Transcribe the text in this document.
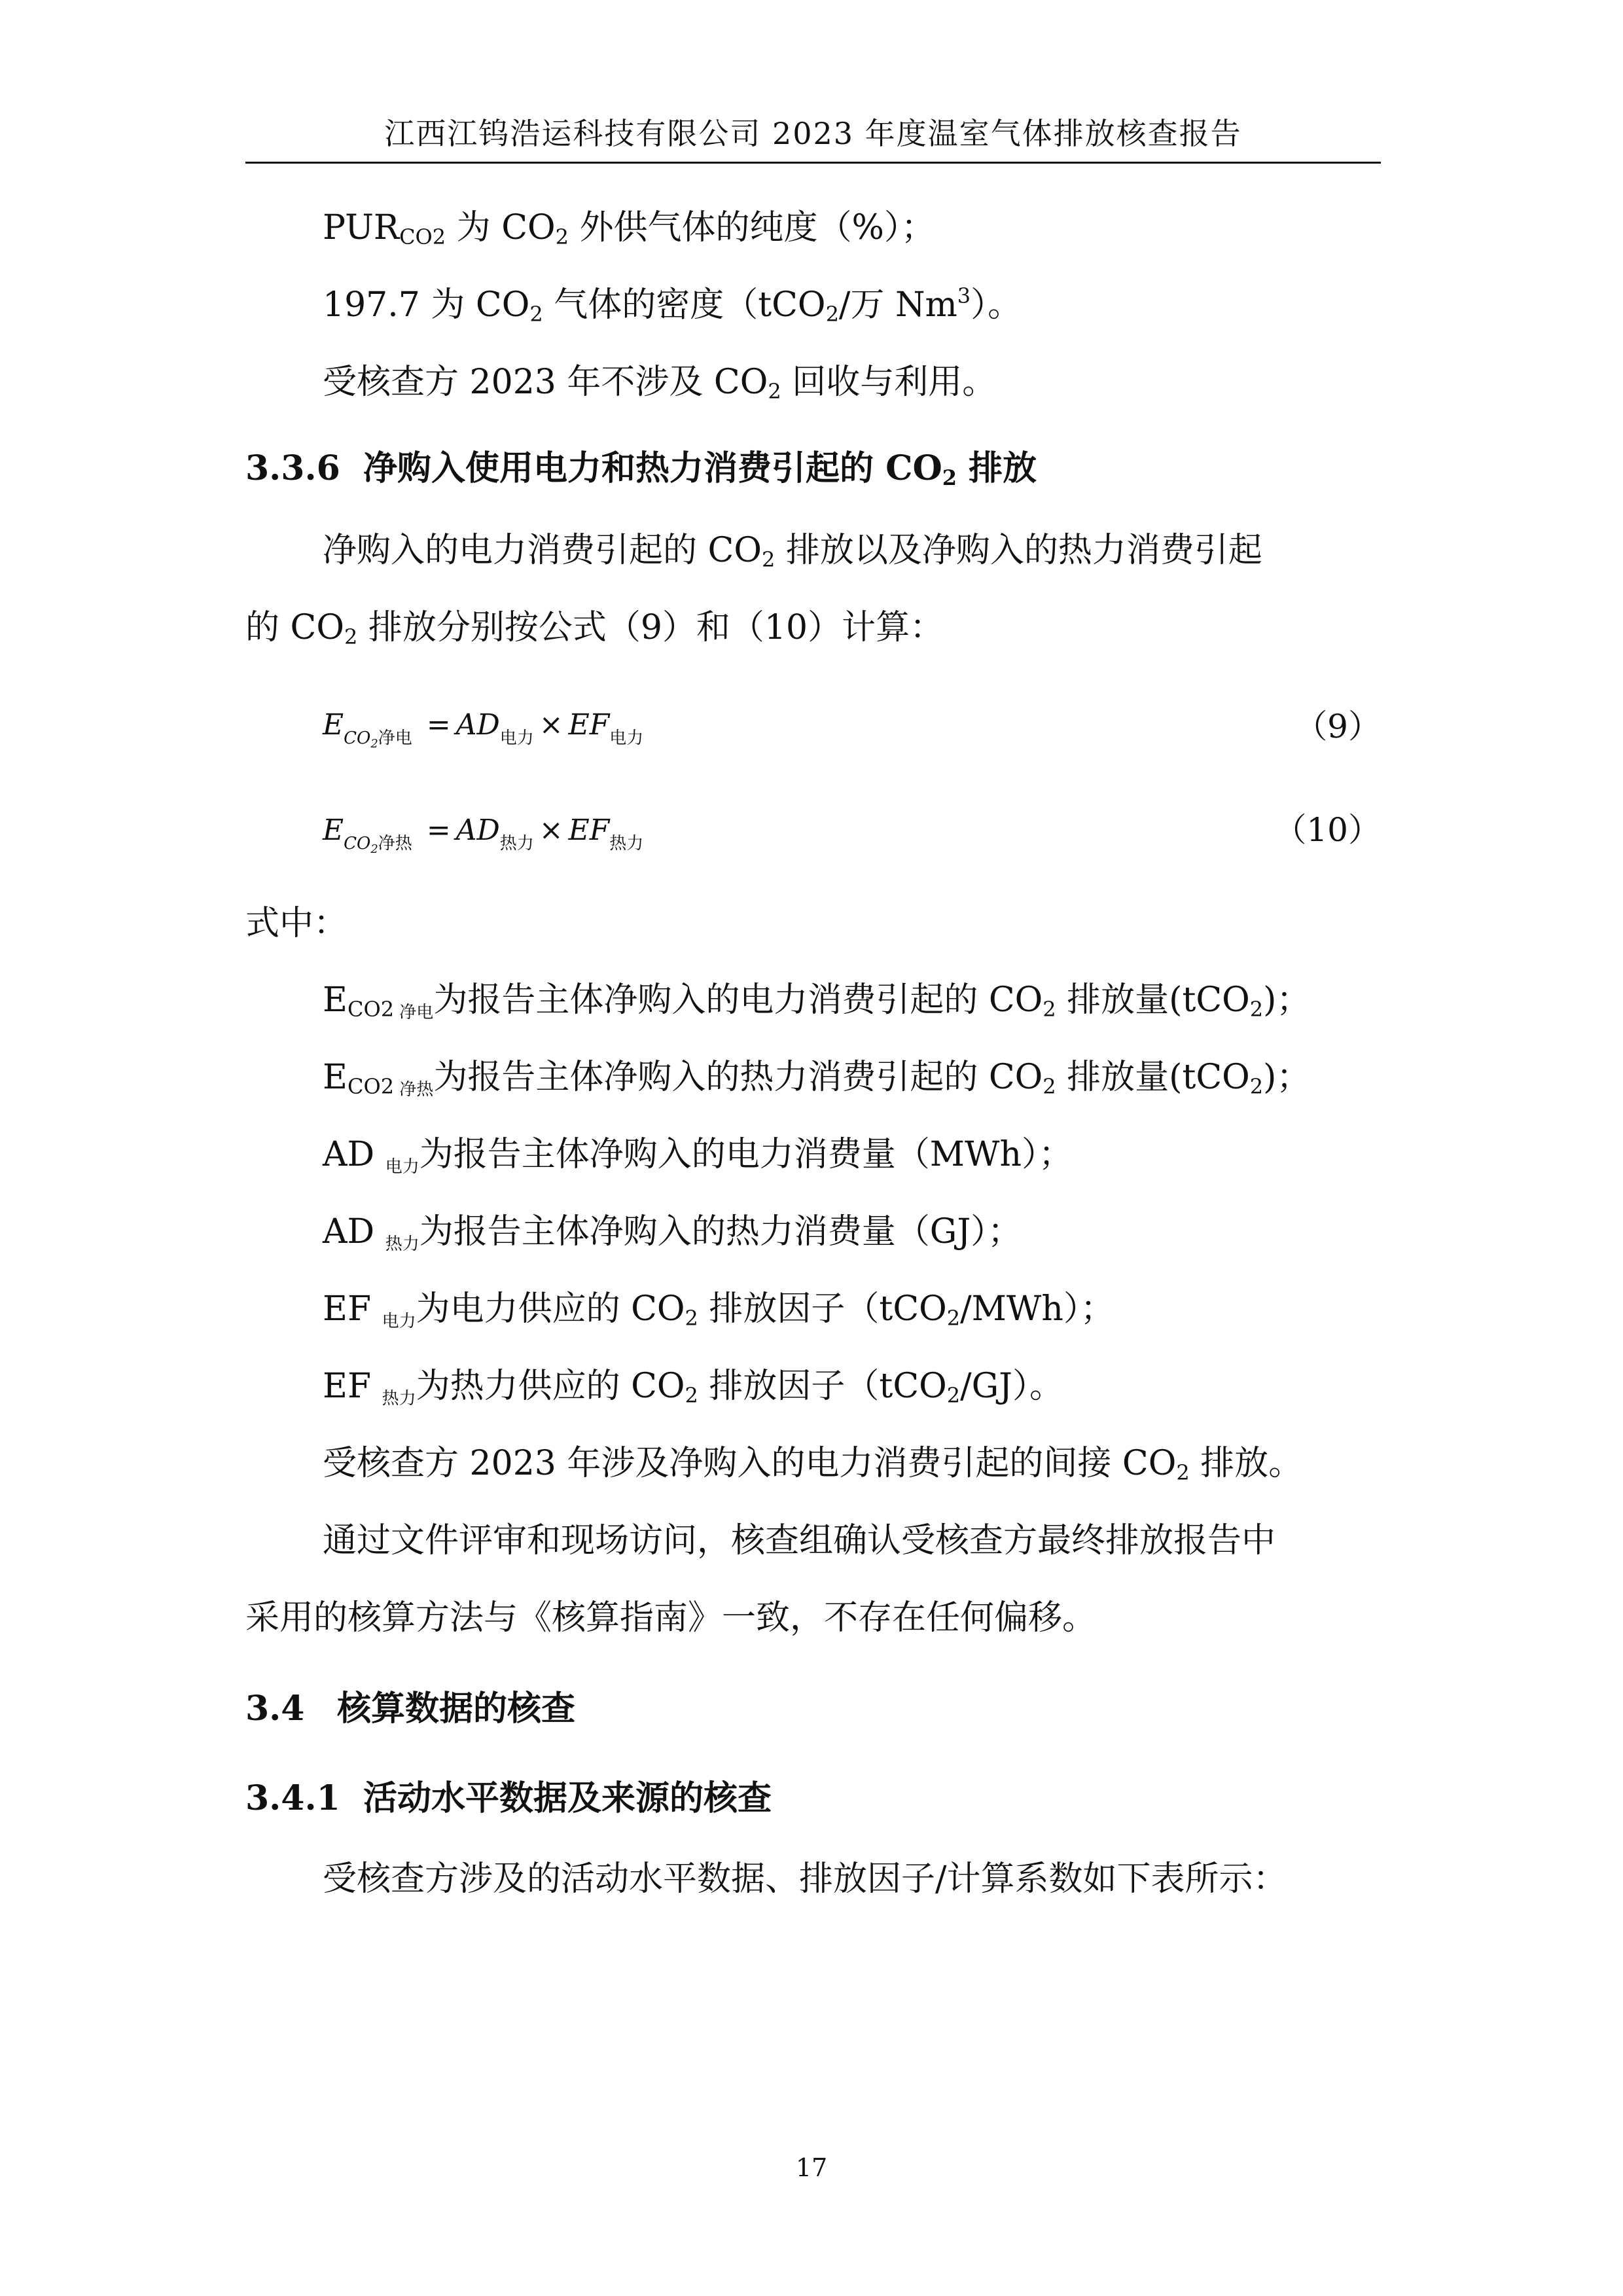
江西江钨浩运科技有限公司 2023 年度温室气体排放核查报告
$PUR_{CO2}$ 为 $CO_2$ 外供气体的纯度（%）；
197.7 为 $CO_2$ 气体的密度（tCO$_2$/万 Nm$^3$）。
受核查方 2023 年不涉及 $CO_2$ 回收与利用。
3.3.6 净购入使用电力和热力消费引起的 $CO_2$ 排放
净购入的电力消费引起的 $CO_2$ 排放以及净购入的热力消费引起
的 $CO_2$ 排放分别按公式（9）和（10）计算：
$E_{CO_2净电} = AD_{电力} \times EF_{电力}$	（9）
$E_{CO_2净热} = AD_{热力} \times EF_{热力}$	（10）
式中：
$E_{CO2}$ $_{净电}$为报告主体净购入的电力消费引起的 $CO_2$ 排放量(tCO$_2$)；
$E_{CO2}$ $_{净热}$为报告主体净购入的热力消费引起的 $CO_2$ 排放量(tCO$_2$)；
AD $_{电力}$为报告主体净购入的电力消费量（MWh）；
AD $_{热力}$为报告主体净购入的热力消费量（GJ）；
EF $_{电力}$为电力供应的 $CO_2$ 排放因子（tCO$_2$/MWh）；
EF $_{热力}$为热力供应的 $CO_2$ 排放因子（tCO$_2$/GJ）。
受核查方 2023 年涉及净购入的电力消费引起的间接 $CO_2$ 排放。
通过文件评审和现场访问，核查组确认受核查方最终排放报告中
采用的核算方法与《核算指南》一致，不存在任何偏移。
3.4 核算数据的核查
3.4.1 活动水平数据及来源的核查
受核查方涉及的活动水平数据、排放因子/计算系数如下表所示：
17
